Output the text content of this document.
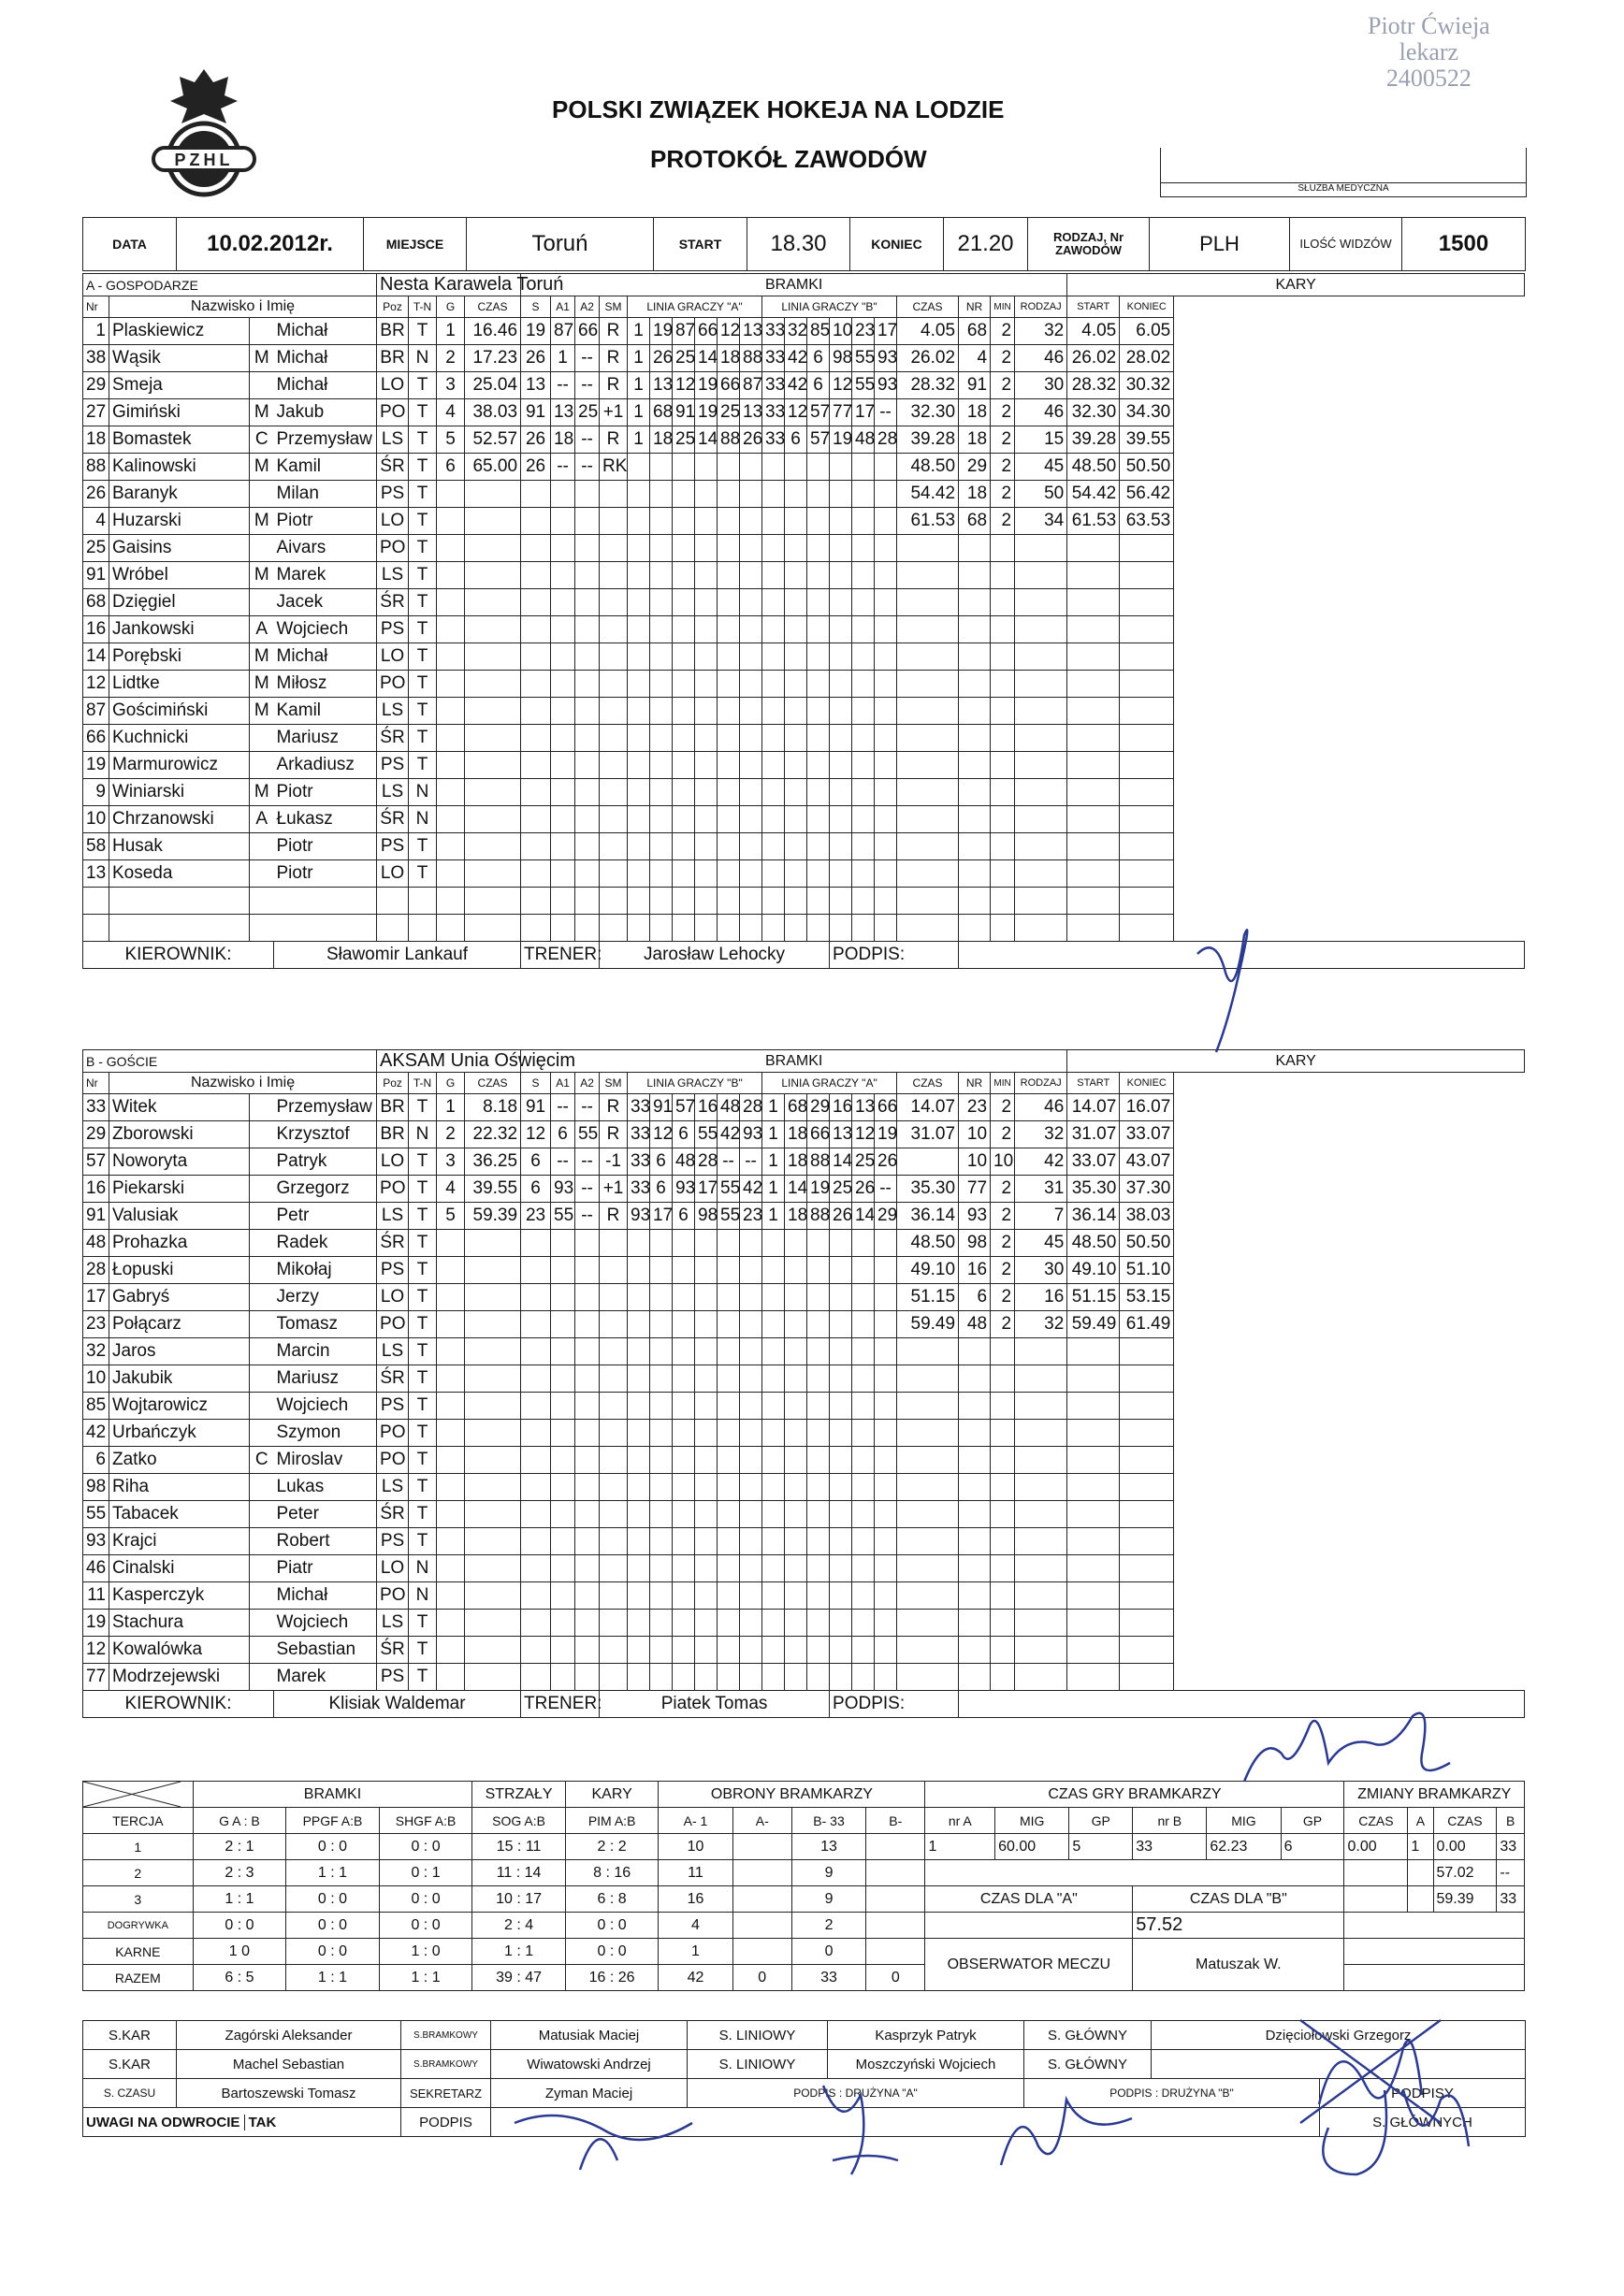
PZHL
POLSKI ZWIĄZEK HOKEJA NA LODZIE
PROTOKÓŁ ZAWODÓW
SŁUŻBA MEDYCZNA
Piotr Ćwieja
lekarz
2400522
DATA	10.02.2012r.	MIEJSCE	Toruń	START	18.30	KONIEC	21.20	RODZAJ, Nr ZAWODÓW	PLH	ILOŚĆ WIDZÓW	1500
A - GOSPODARZE				Nesta Karawela Toruń				BRAMKI																				KARY	
Nr	Nazwisko i Imię			Poz	T-N	G	CZAS	S	A1	A2	SM	LINIA GRACZY "A"						LINIA GRACZY "B"						CZAS	NR	MIN	RODZAJ	START	KONIEC
1	Plaskiewicz		Michał	BR	T	1	16.46	19	87	66	R	1	19	87	66	12	13	33	32	85	10	23	17	4.05	68	2	32	4.05	6.05
38	Wąsik	M	Michał	BR	N	2	17.23	26	1	--	R	1	26	25	14	18	88	33	42	6	98	55	93	26.02	4	2	46	26.02	28.02
29	Smeja		Michał	LO	T	3	25.04	13	--	--	R	1	13	12	19	66	87	33	42	6	12	55	93	28.32	91	2	30	28.32	30.32
27	Gimiński	M	Jakub	PO	T	4	38.03	91	13	25	+1	1	68	91	19	25	13	33	12	57	77	17	--	32.30	18	2	46	32.30	34.30
18	Bomastek	C	Przemysław	LS	T	5	52.57	26	18	--	R	1	18	25	14	88	26	33	6	57	19	48	28	39.28	18	2	15	39.28	39.55
88	Kalinowski	M	Kamil	ŚR	T	6	65.00	26	--	--	RK													48.50	29	2	45	48.50	50.50
26	Baranyk		Milan	PS	T																			54.42	18	2	50	54.42	56.42
4	Huzarski	M	Piotr	LO	T																			61.53	68	2	34	61.53	63.53
25	Gaisins		Aivars	PO	T																								
91	Wróbel	M	Marek	LS	T																								
68	Dzięgiel		Jacek	ŚR	T																								
16	Jankowski	A	Wojciech	PS	T																								
14	Porębski	M	Michał	LO	T																								
12	Lidtke	M	Miłosz	PO	T																								
87	Gościmiński	M	Kamil	LS	T																								
66	Kuchnicki		Mariusz	ŚR	T																								
19	Marmurowicz		Arkadiusz	PS	T																								
9	Winiarski	M	Piotr	LS	N																								
10	Chrzanowski	A	Łukasz	ŚR	N																								
58	Husak		Piotr	PS	T																								
13	Koseda		Piotr	LO	T																								

KIEROWNIK:			Sławomir Lankauf					TRENER:			Jarosław Lehocky										PODPIS:								
B - GOŚCIE				AKSAM Unia Oświęcim				BRAMKI																				KARY	
Nr	Nazwisko i Imię			Poz	T-N	G	CZAS	S	A1	A2	SM	LINIA GRACZY "B"						LINIA GRACZY "A"						CZAS	NR	MIN	RODZAJ	START	KONIEC
33	Witek		Przemysław	BR	T	1	8.18	91	--	--	R	33	91	57	16	48	28	1	68	29	16	13	66	14.07	23	2	46	14.07	16.07
29	Zborowski		Krzysztof	BR	N	2	22.32	12	6	55	R	33	12	6	55	42	93	1	18	66	13	12	19	31.07	10	2	32	31.07	33.07
57	Noworyta		Patryk	LO	T	3	36.25	6	--	--	-1	33	6	48	28	--	--	1	18	88	14	25	26		10	10	42	33.07	43.07
16	Piekarski		Grzegorz	PO	T	4	39.55	6	93	--	+1	33	6	93	17	55	42	1	14	19	25	26	--	35.30	77	2	31	35.30	37.30
91	Valusiak		Petr	LS	T	5	59.39	23	55	--	R	93	17	6	98	55	23	1	18	88	26	14	29	36.14	93	2	7	36.14	38.03
48	Prohazka		Radek	ŚR	T																			48.50	98	2	45	48.50	50.50
28	Łopuski		Mikołaj	PS	T																			49.10	16	2	30	49.10	51.10
17	Gabryś		Jerzy	LO	T																			51.15	6	2	16	51.15	53.15
23	Połącarz		Tomasz	PO	T																			59.49	48	2	32	59.49	61.49
32	Jaros		Marcin	LS	T																								
10	Jakubik		Mariusz	ŚR	T																								
85	Wojtarowicz		Wojciech	PS	T																								
42	Urbańczyk		Szymon	PO	T																								
6	Zatko	C	Miroslav	PO	T																								
98	Riha		Lukas	LS	T																								
55	Tabacek		Peter	ŚR	T																								
93	Krajci		Robert	PS	T																								
46	Cinalski		Piatr	LO	N																								
11	Kasperczyk		Michał	PO	N																								
19	Stachura		Wojciech	LS	T																								
12	Kowalówka		Sebastian	ŚR	T																								
77	Modrzejewski		Marek	PS	T																								
KIEROWNIK:			Klisiak Waldemar					TRENER:			Piatek Tomas										PODPIS:								
	BRAMKI			STRZAŁY	KARY	OBRONY BRAMKARZY				CZAS GRY BRAMKARZY						ZMIANY BRAMKARZY			
TERCJA	G A : B	PPGF A:B	SHGF A:B	SOG A:B	PIM A:B	A- 1	A-	B- 33	B-	nr A	MIG	GP	nr B	MIG	GP	CZAS	A	CZAS	B
1	2 : 1	0 : 0	0 : 0	15 : 11	2 : 2	10		13		1	60.00	5	33	62.23	6	0.00	1	0.00	33
2	2 : 3	1 : 1	0 : 1	11 : 14	8 : 16	11		9										57.02	--
3	1 : 1	0 : 0	0 : 0	10 : 17	6 : 8	16		9		CZAS DLA "A"			CZAS DLA "B"					59.39	33
DOGRYWKA	0 : 0	0 : 0	0 : 0	2 : 4	0 : 0	4		2					57.52						
KARNE	1 0	0 : 0	1 : 0	1 : 1	0 : 0	1		0		OBSERWATOR MECZU			Matuszak W.						
RAZEM	6 : 5	1 : 1	1 : 1	39 : 47	16 : 26	42	0	33	0										
S.KAR	Zagórski Aleksander	S.BRAMKOWY	Matusiak Maciej	S. LINIOWY	Kasprzyk Patryk	S. GŁÓWNY	Dzięciołowski Grzegorz	
S.KAR	Machel Sebastian	S.BRAMKOWY	Wiwatowski Andrzej	S. LINIOWY	Moszczyński Wojciech	S. GŁÓWNY		
S. CZASU	Bartoszewski Tomasz	SEKRETARZ	Zyman Maciej	PODPIS : DRUŻYNA "A"		PODPIS : DRUŻYNA "B"		PODPISY
UWAGI NA ODWROCIE TAK		PODPIS						S. GŁÓWNYCH
